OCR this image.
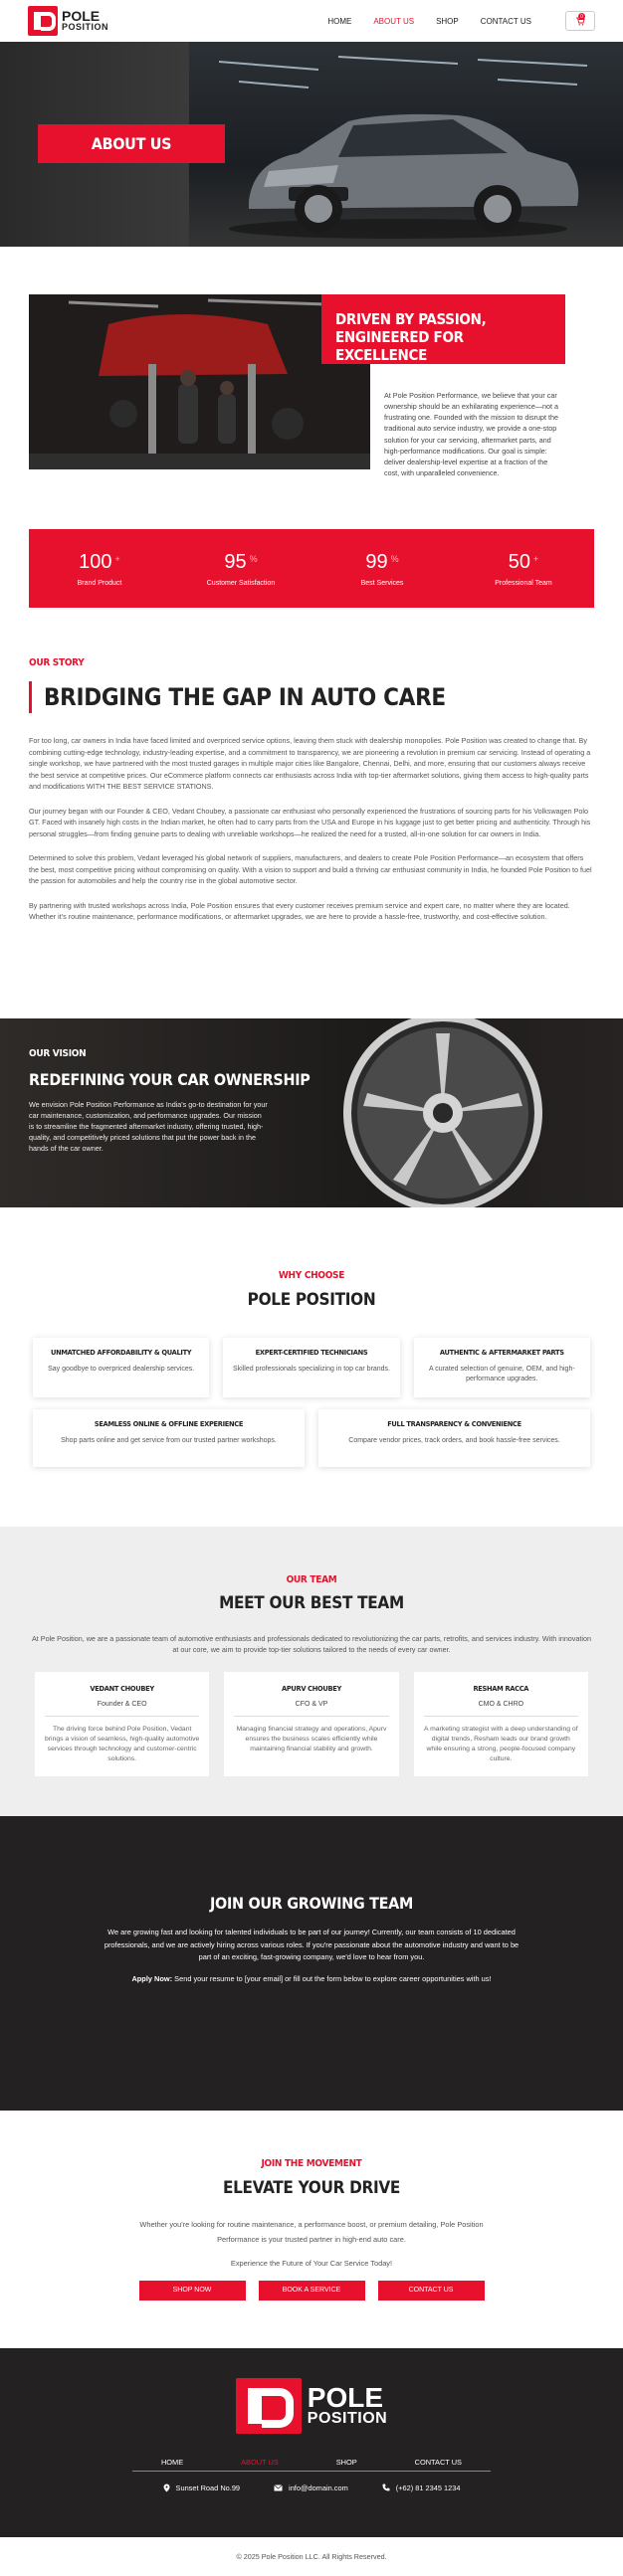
POLE
POSITION
HOME	ABOUT US	SHOP	CONTACT US	0
ABOUT US
DRIVEN BY PASSION,
ENGINEERED FOR EXCELLENCE
At Pole Position Performance, we believe that your car ownership should be an exhilarating experience—not a frustrating one. Founded with the mission to disrupt the traditional auto service industry, we provide a one-stop solution for your car servicing, aftermarket parts, and high-performance modifications. Our goal is simple: deliver dealership-level expertise at a fraction of the cost, with unparalleled convenience.
100 +
Brand Product
95 %
Customer Satisfaction
99 %
Best Services
50 +
Professional Team
OUR STORY
BRIDGING THE GAP IN AUTO CARE

For too long, car owners in India have faced limited and overpriced service options, leaving them stuck with dealership monopolies. Pole Position was created to change that. By combining cutting-edge technology, industry-leading expertise, and a commitment to transparency, we are pioneering a revolution in premium car servicing. Instead of operating a single workshop, we have partnered with the most trusted garages in multiple major cities like Bangalore, Chennai, Delhi, and more, ensuring that our customers always receive the best service at competitive prices. Our eCommerce platform connects car enthusiasts across India with top-tier aftermarket solutions, giving them access to high-quality parts and modifications WITH THE BEST SERVICE STATIONS.

Our journey began with our Founder & CEO, Vedant Choubey, a passionate car enthusiast who personally experienced the frustrations of sourcing parts for his Volkswagen Polo GT. Faced with insanely high costs in the Indian market, he often had to carry parts from the USA and Europe in his luggage just to get better pricing and authenticity. Through his personal struggles—from finding genuine parts to dealing with unreliable workshops—he realized the need for a trusted, all-in-one solution for car owners in India.

Determined to solve this problem, Vedant leveraged his global network of suppliers, manufacturers, and dealers to create Pole Position Performance—an ecosystem that offers the best, most competitive pricing without compromising on quality. With a vision to support and build a thriving car enthusiast community in India, he founded Pole Position to fuel the passion for automobiles and help the country rise in the global automotive sector.

By partnering with trusted workshops across India, Pole Position ensures that every customer receives premium service and expert care, no matter where they are located. Whether it's routine maintenance, performance modifications, or aftermarket upgrades, we are here to provide a hassle-free, trustworthy, and cost-effective solution.

OUR VISION
REDEFINING YOUR CAR OWNERSHIP

We envision Pole Position Performance as India's go-to destination for your car maintenance, customization, and performance upgrades. Our mission is to streamline the fragmented aftermarket industry, offering trusted, high-quality, and competitively priced solutions that put the power back in the hands of the car owner.

WHY CHOOSE
POLE POSITION
UNMATCHED AFFORDABILITY & QUALITY

Say goodbye to overpriced dealership services.

EXPERT-CERTIFIED TECHNICIANS

Skilled professionals specializing in top car brands.

AUTHENTIC & AFTERMARKET PARTS

A curated selection of genuine, OEM, and high-performance upgrades.

SEAMLESS ONLINE & OFFLINE EXPERIENCE

Shop parts online and get service from our trusted partner workshops.

FULL TRANSPARENCY & CONVENIENCE

Compare vendor prices, track orders, and book hassle-free services.

OUR TEAM
MEET OUR BEST TEAM
At Pole Position, we are a passionate team of automotive enthusiasts and professionals dedicated to revolutionizing the car parts, retrofits, and services industry. With innovation at our core, we aim to provide top-tier solutions tailored to the needs of every car owner.
VEDANT CHOUBEY
Founder & CEO

The driving force behind Pole Position, Vedant brings a vision of seamless, high-quality automotive services through technology and customer-centric solutions.

APURV CHOUBEY
CFO & VP

Managing financial strategy and operations, Apurv ensures the business scales efficiently while maintaining financial stability and growth.

RESHAM RACCA
CMO & CHRO

A marketing strategist with a deep understanding of digital trends, Resham leads our brand growth while ensuring a strong, people-focused company culture.

JOIN OUR GROWING TEAM

We are growing fast and looking for talented individuals to be part of our journey! Currently, our team consists of 10 dedicated professionals, and we are actively hiring across various roles. If you're passionate about the automotive industry and want to be part of an exciting, fast-growing company, we'd love to hear from you.

Apply Now: Send your resume to [your email] or fill out the form below to explore career opportunities with us!

JOIN THE MOVEMENT
ELEVATE YOUR DRIVE

Whether you're looking for routine maintenance, a performance boost, or premium detailing, Pole Position Performance is your trusted partner in high-end auto care.

Experience the Future of Your Car Service Today!

SHOP NOW	BOOK A SERVICE	CONTACT US
POLE
POSITION
HOME	ABOUT US	SHOP	CONTACT US
Sunset Road No.99	info@domain.com	(+62) 81 2345 1234
© 2025 Pole Position LLC. All Rights Reserved.
